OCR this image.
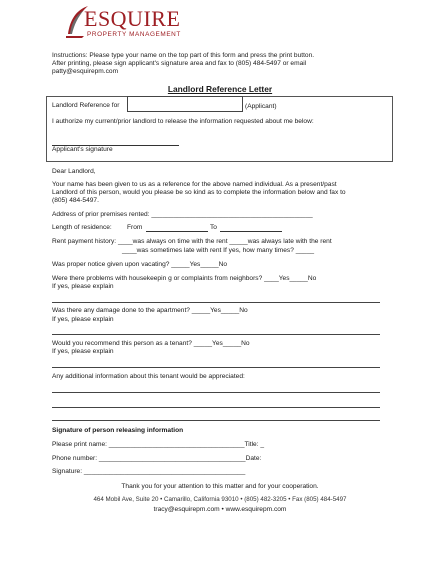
ESQUIRE
PROPERTY MANAGEMENT
Instructions: Please type your name on the top part of this form and press the print button.
After printing, please sign applicant's signature area and fax to (805) 484-5497 or email
patty@esquirepm.com
Landlord Reference Letter
Landlord Reference for	(Applicant)
I authorize my current/prior landlord to release the information requested about me below:
Applicant's signature
Dear Landlord,
Your name has been given to us as a reference for the above named individual. As a present/past
Landlord of this person, would you please be so kind as to complete the information below and fax to
(805) 484-5497.
Address of prior premises rented: ____________________________________________
Length of residence: From	To
Rent payment history: ____was always on time with the rent _____was always late with the rent
____was sometimes late with rent If yes, how many times? _____
Was proper notice given upon vacating? _____Yes_____No
Were there problems with housekeepin g or complaints from neighbors? ____Yes_____No
If yes, please explain
Was there any damage done to the apartment? _____Yes_____No
If yes, please explain
Would you recommend this person as a tenant? _____Yes_____No
If yes, please explain
Any additional information about this tenant would be appreciated:
Signature of person releasing information
Please print name: _____________________________________Title: _
Phone number: ________________________________________Date:
Signature: ____________________________________________
Thank you for your attention to this matter and for your cooperation.
464 Mobil Ave, Suite 20 • Camarillo, California 93010 • (805) 482-3205 • Fax (805) 484-5497
tracy@esquirepm.com • www.esquirepm.com
